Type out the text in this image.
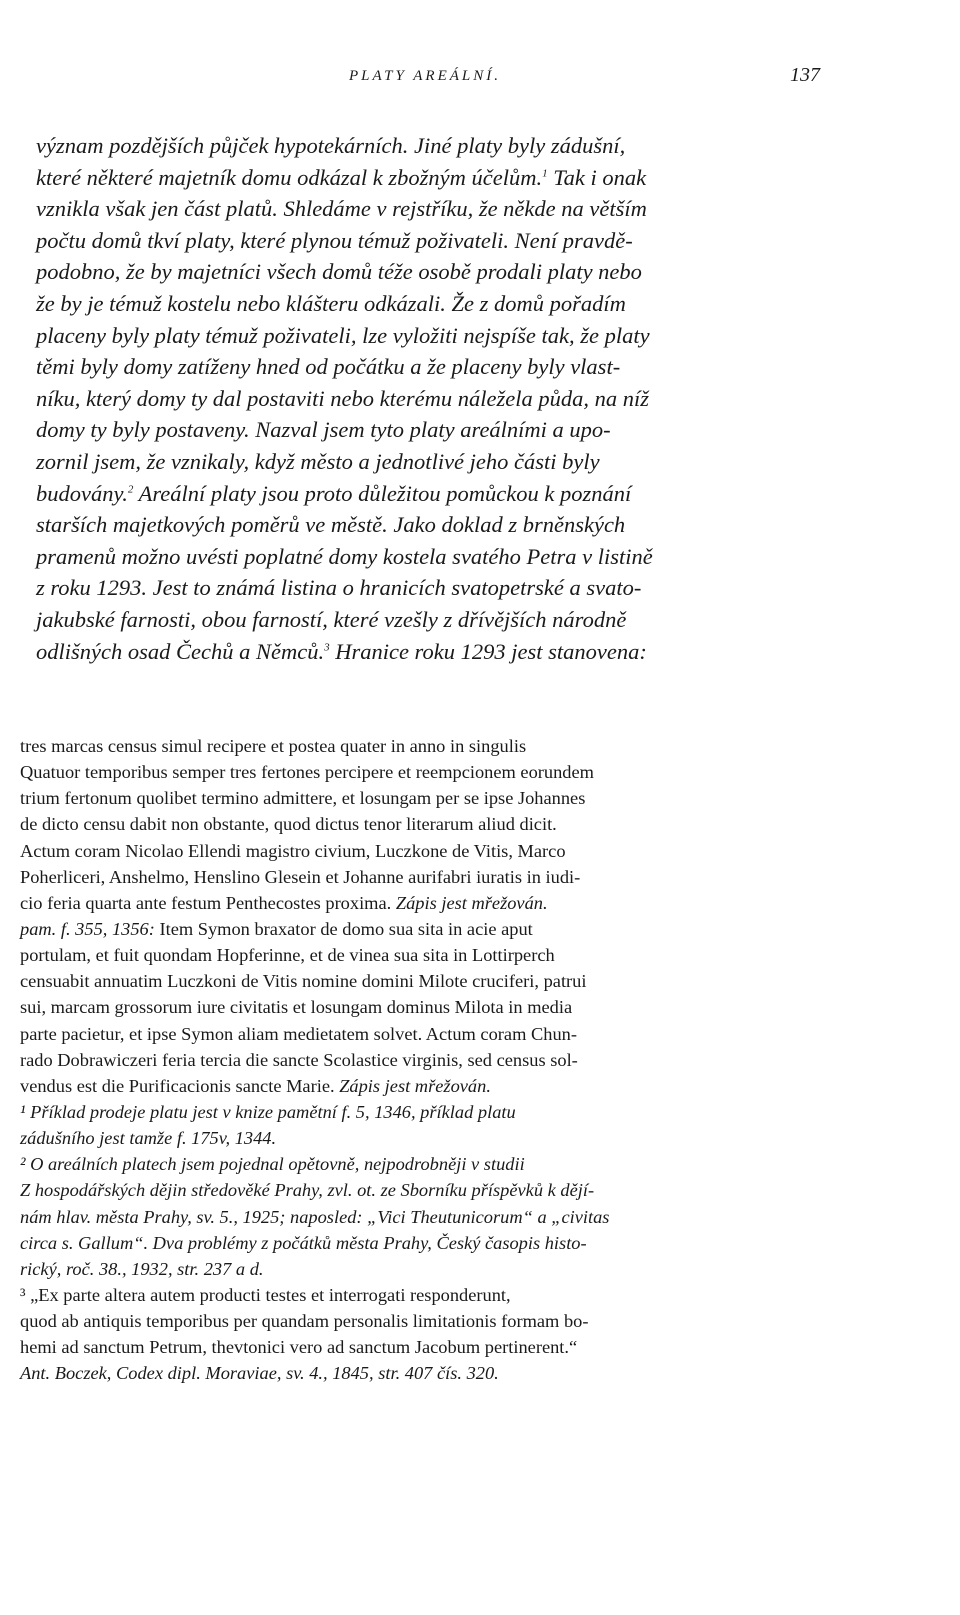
PLATY AREÁLNÍ.	137
význam pozdějších půjček hypotekárních. Jiné platy byly zádušní,
které některé majetník domu odkázal k zbožným účelům.$^1$ Tak i onak
vznikla však jen část platů. Shledáme v rejstříku, že někde na větším
počtu domů tkví platy, které plynou témuž poživateli. Není pravdě-
podobno, že by majetníci všech domů téže osobě prodali platy nebo
že by je témuž kostelu nebo klášteru odkázali. Že z domů pořadím
placeny byly platy témuž poživateli, lze vyložiti nejspíše tak, že platy
těmi byly domy zatíženy hned od počátku a že placeny byly vlast-
níku, který domy ty dal postaviti nebo kterému náležela půda, na níž
domy ty byly postaveny. Nazval jsem tyto platy areálními a upo-
zornil jsem, že vznikaly, když město a jednotlivé jeho části byly
budovány.$^2$ Areální platy jsou proto důležitou pomůckou k poznání
starších majetkových poměrů ve městě. Jako doklad z brněnských
pramenů možno uvésti poplatné domy kostela svatého Petra v listině
z roku 1293. Jest to známá listina o hranicích svatopetrské a svato-
jakubské farnosti, obou farností, které vzešly z dřívějších národně
odlišných osad Čechů a Němců.$^3$ Hranice roku 1293 jest stanovena:
tres marcas census simul recipere et postea quater in anno in singulis
Quatuor temporibus semper tres fertones percipere et reempcionem eorundem
trium fertonum quolibet termino admittere, et losungam per se ipse Johannes
de dicto censu dabit non obstante, quod dictus tenor literarum aliud dicit.
Actum coram Nicolao Ellendi magistro civium, Luczkone de Vitis, Marco
Poherliceri, Anshelmo, Henslino Glesein et Johanne aurifabri iuratis in iudi-
cio feria quarta ante festum Penthecostes proxima. Zápis jest mřežován.
pam. f. 355, 1356: Item Symon braxator de domo sua sita in acie aput
portulam, et fuit quondam Hopferinne, et de vinea sua sita in Lottirperch
censuabit annuatim Luczkoni de Vitis nomine domini Milote cruciferi, patrui
sui, marcam grossorum iure civitatis et losungam dominus Milota in media
parte pacietur, et ipse Symon aliam medietatem solvet. Actum coram Chun-
rado Dobrawiczeri feria tercia die sancte Scolastice virginis, sed census sol-
vendus est die Purificacionis sancte Marie. Zápis jest mřežován.
¹ Příklad prodeje platu jest v knize pamětní f. 5, 1346, příklad platu
zádušního jest tamže f. 175v, 1344.
² O areálních platech jsem pojednal opětovně, nejpodrobněji v studii
Z hospodářských dějin středověké Prahy, zvl. ot. ze Sborníku příspěvků k dějí-
nám hlav. města Prahy, sv. 5., 1925; naposled: „Vici Theutunicorum“ a „civitas
circa s. Gallum“. Dva problémy z počátků města Prahy, Český časopis histo-
rický, roč. 38., 1932, str. 237 a d.
³ „Ex parte altera autem producti testes et interrogati responderunt,
quod ab antiquis temporibus per quandam personalis limitationis formam bo-
hemi ad sanctum Petrum, thevtonici vero ad sanctum Jacobum pertinerent.“
Ant. Boczek, Codex dipl. Moraviae, sv. 4., 1845, str. 407 čís. 320.
